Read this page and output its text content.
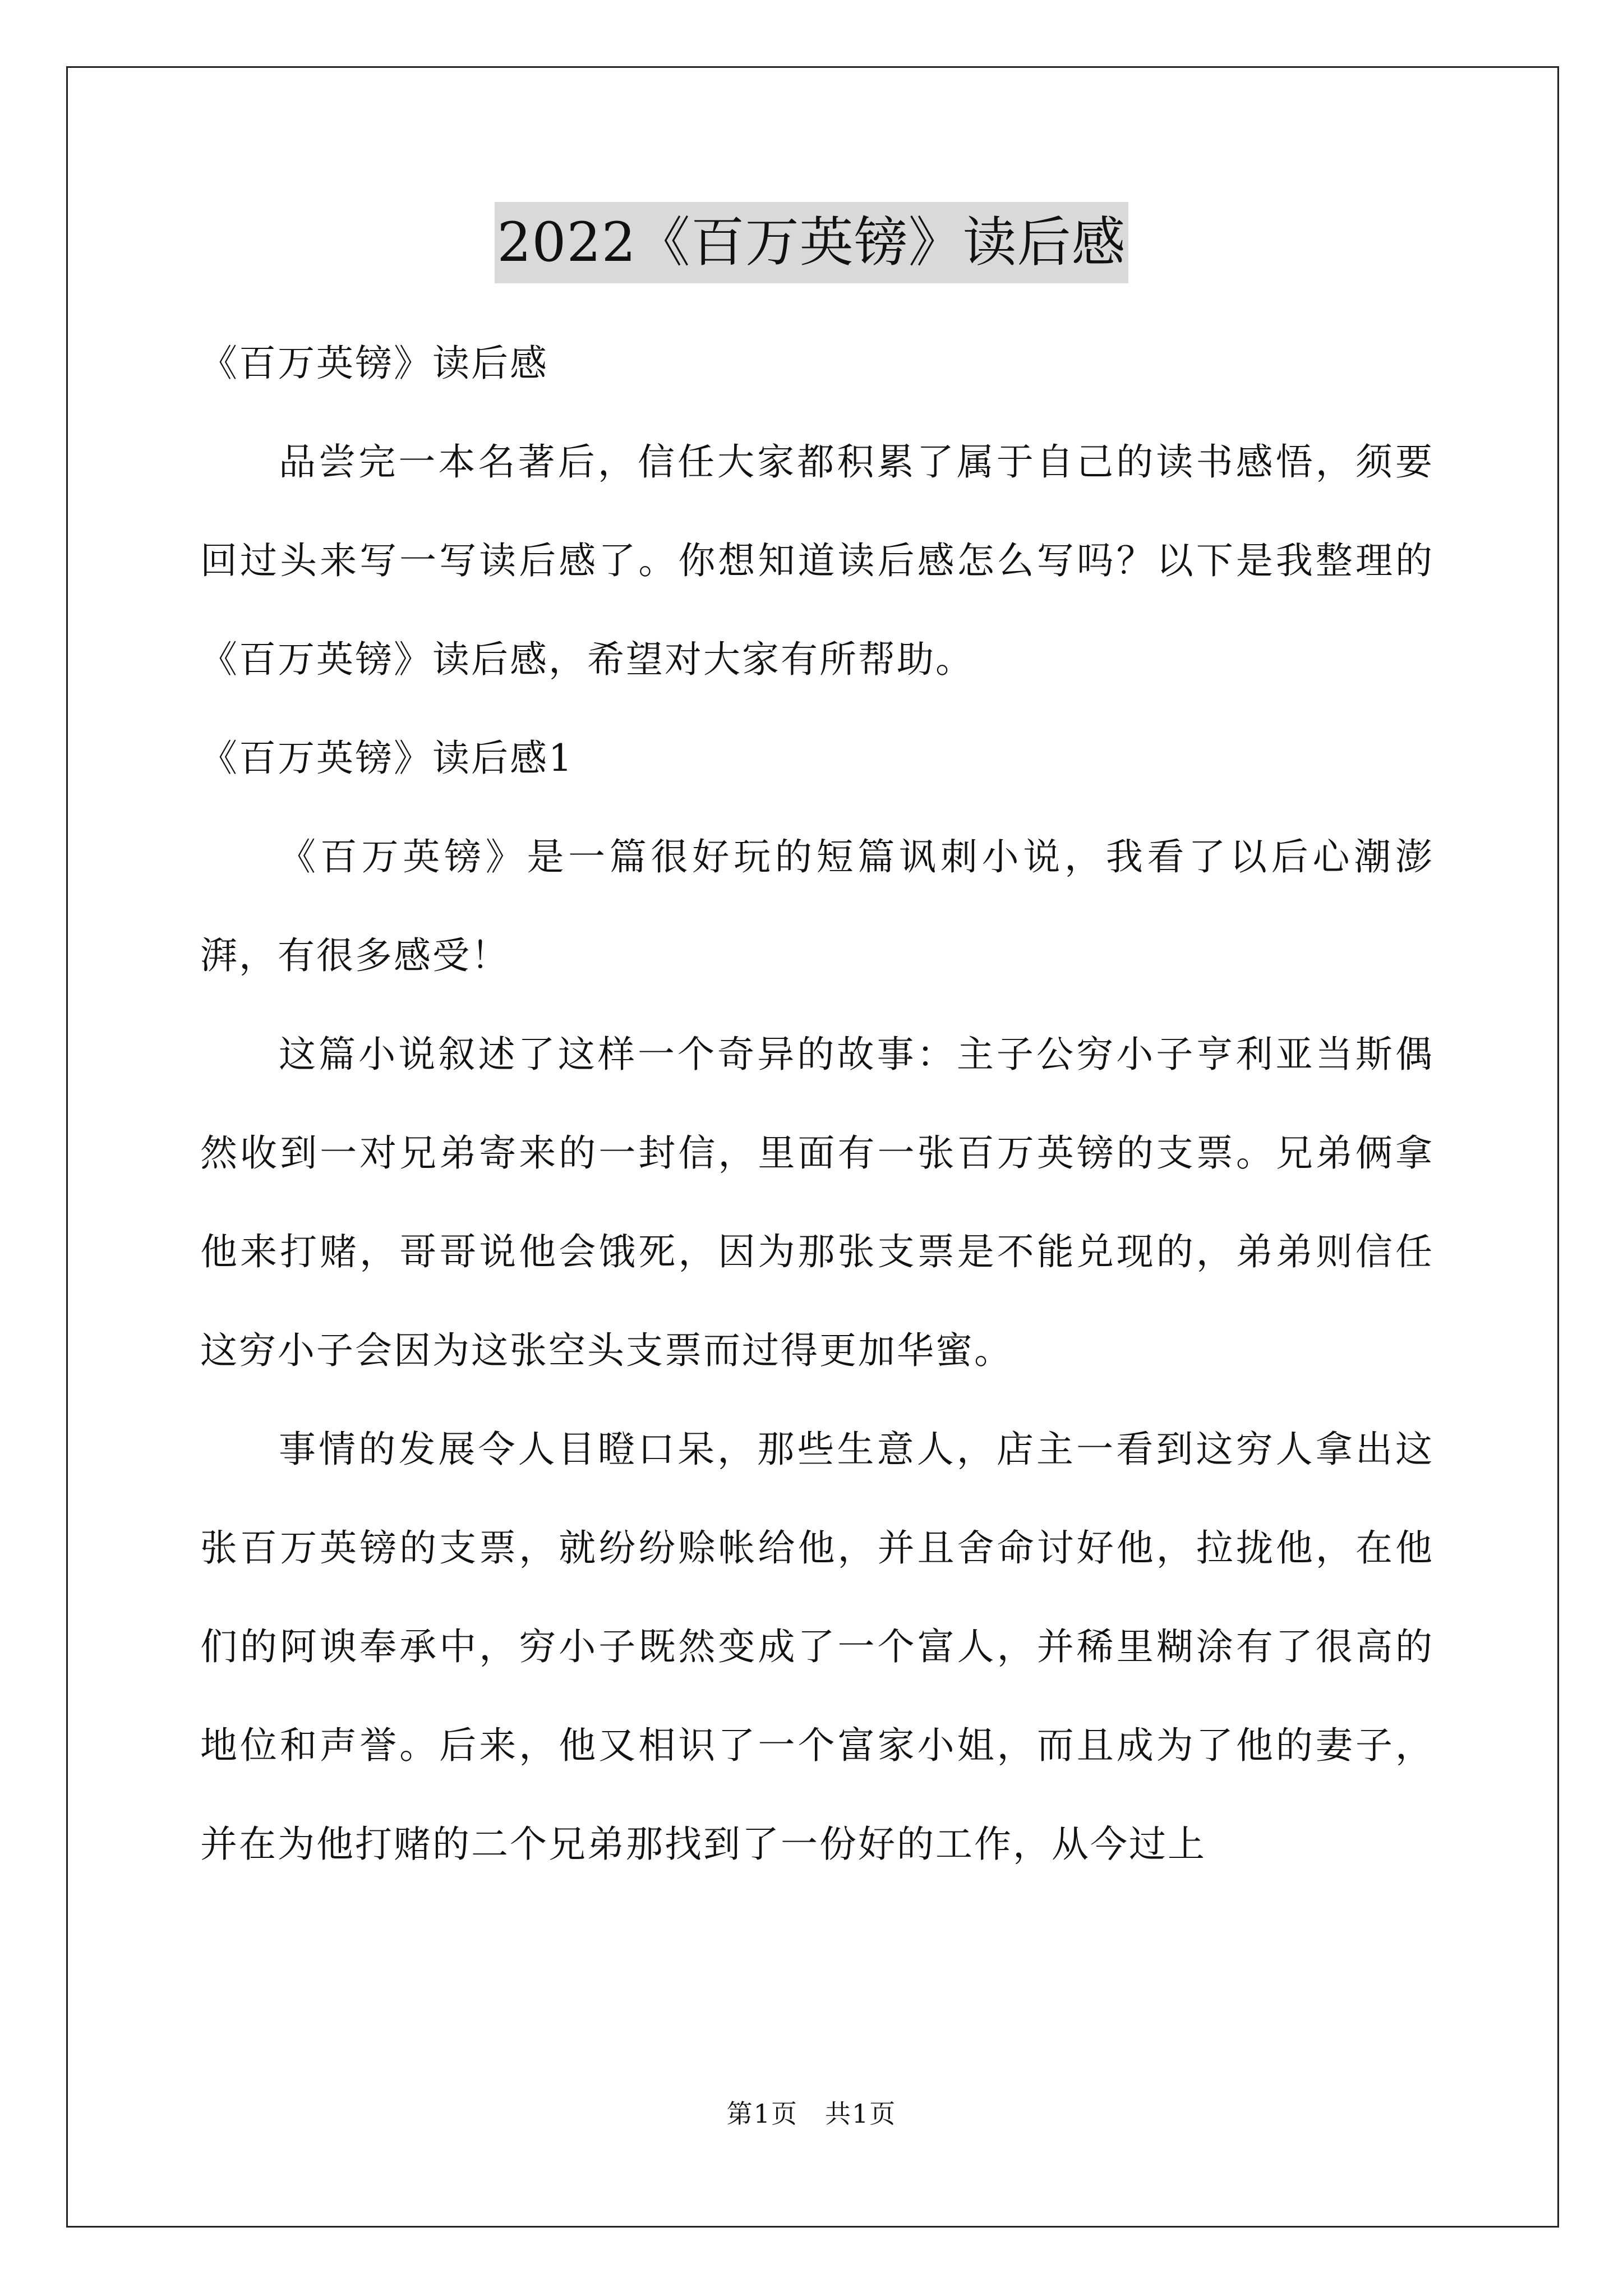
2022《百万英镑》读后感

《百万英镑》读后感

品尝完一本名著后，信任大家都积累了属于自己的读书感悟，须要回过头来写一写读后感了。你想知道读后感怎么写吗？以下是我整理的《百万英镑》读后感，希望对大家有所帮助。

《百万英镑》读后感1

《百万英镑》是一篇很好玩的短篇讽刺小说，我看了以后心潮澎湃，有很多感受！

这篇小说叙述了这样一个奇异的故事：主子公穷小子亨利亚当斯偶然收到一对兄弟寄来的一封信，里面有一张百万英镑的支票。兄弟俩拿他来打赌，哥哥说他会饿死，因为那张支票是不能兑现的，弟弟则信任这穷小子会因为这张空头支票而过得更加华蜜。

事情的发展令人目瞪口呆，那些生意人，店主一看到这穷人拿出这张百万英镑的支票，就纷纷赊帐给他，并且舍命讨好他，拉拢他，在他们的阿谀奉承中，穷小子既然变成了一个富人，并稀里糊涂有了很高的地位和声誉。后来，他又相识了一个富家小姐，而且成为了他的妻子，并在为他打赌的二个兄弟那找到了一份好的工作，从今过上

第1页　共1页
